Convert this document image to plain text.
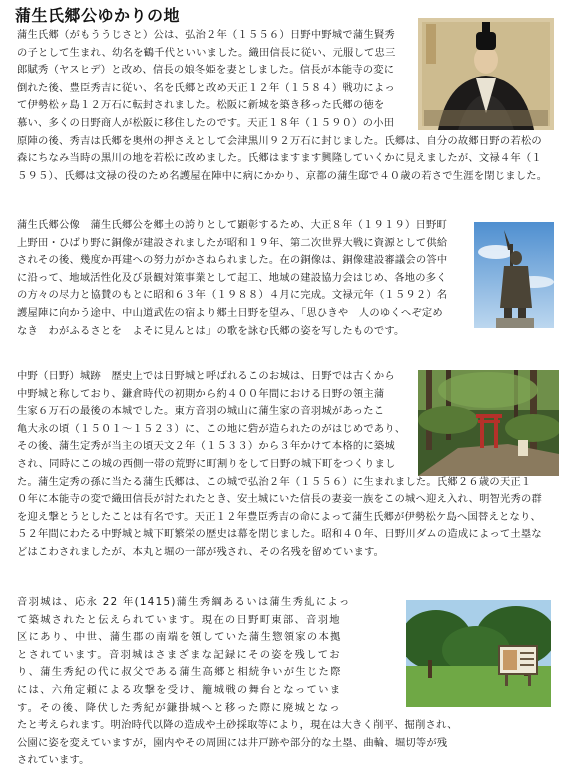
蒲生氏郷公ゆかりの地

蒲生氏郷（がもううじさと）公は、弘治２年（１５５６）日野中野城で蒲生賢秀

の子として生まれ、幼名を鶴千代といいました。織田信長に従い、元服して忠三

郎賦秀（ヤスヒデ）と改め、信長の娘冬姫を妻としました。信長が本能寺の変に

倒れた後、豊臣秀吉に従い、名を氏郷と改め天正１２年（１５８４）戦功によっ

て伊勢松ヶ島１２万石に転封されました。松阪に新城を築き移った氏郷の徳を

慕い、多くの日野商人が松阪に移住したのです。天正１８年（１５９０）の小田

原陣の後、秀吉は氏郷を奥州の押さえとして会津黒川９２万石に封じました。氏郷は、自分の故郷日野の若松の

森にちなみ当時の黒川の地を若松に改めました。氏郷はますます興隆していくかに見えましたが、文禄４年（１

５９５）、氏郷は文禄の役のため名護屋在陣中に病にかかり、京都の蒲生邸で４０歳の若さで生涯を閉じました。

蒲生氏郷公像　蒲生氏郷公を郷土の誇りとして顕彰するため、大正８年（１９１９）日野町

上野田・ひばり野に銅像が建設されましたが昭和１９年、第二次世界大戦に資源として供給

されその後、幾度か再建への努力がかさねられました。在の銅像は、銅像建設審議会の答中

に沿って、地域活性化及び景観対策事業として起工、地域の建設協力会はじめ、各地の多く

の方々の尽力と協賛のもとに昭和６３年（１９８８）４月に完成。文禄元年（１５９２）名

護屋陣に向かう途中、中山道武佐の宿より郷土日野を望み、「思ひきや　人のゆくへぞ定め

なき　わがふるさとを　よそに見んとは」の歌を詠む氏郷の姿を写したものです。

中野（日野）城跡　歴史上では日野城と呼ばれるこのお城は、日野では古くから

中野城と称しており、鎌倉時代の初期から約４００年間における日野の領主蒲

生家６万石の最後の本城でした。東方音羽の城山に蒲生家の音羽城があったこ

亀大永の頃（１５０１～１５２３）に、この地に砦が造られたのがはじめであり、

その後、蒲生定秀が当主の頃天文２年（１５３３）から３年かけて本格的に築城

され、同時にこの城の西側一帯の荒野に町割りをして日野の城下町をつくりまし

た。蒲生定秀の孫に当たる蒲生氏郷は、この城で弘治２年（１５５６）に生まれました。氏郷２６歳の天正１

０年に本能寺の変で織田信長が討たれたとき、安土城にいた信長の妻妾一族をこの城へ迎え入れ、明智光秀の群

を迎え撃とうとしたことは有名です。天正１２年豊臣秀吉の命によって蒲生氏郷が伊勢松ケ島へ国替えとなり、

５２年間にわたる中野城と城下町繁栄の歴史は幕を閉じました。昭和４０年、日野川ダムの造成によって土塁な

どはこわされましたが、本丸と堀の一部が残され、その名残を留めています。

音羽城は、応永 22 年(1415)蒲生秀綱あるいは蒲生秀糺によっ

て築城されたと伝えられています。現在の日野町東部、音羽地

区にあり、中世、蒲生郡の南端を領していた蒲生惣領家の本拠

とされています。音羽城はさまざまな記録にその姿を残してお

り、蒲生秀紀の代に叔父である蒲生高郷と相続争いが生じた際

には、六角定頼による攻撃を受け、籠城戦の舞台となっていま

す。その後、降伏した秀紀が鎌掛城へと移った際に廃城となっ

たと考えられます。明治時代以降の造成や土砂採取等により，現在は大きく削平、掘削され、

公園に姿を変えていますが，園内やその周囲には井戸跡や部分的な土塁、曲輪、堀切等が残

されています。
